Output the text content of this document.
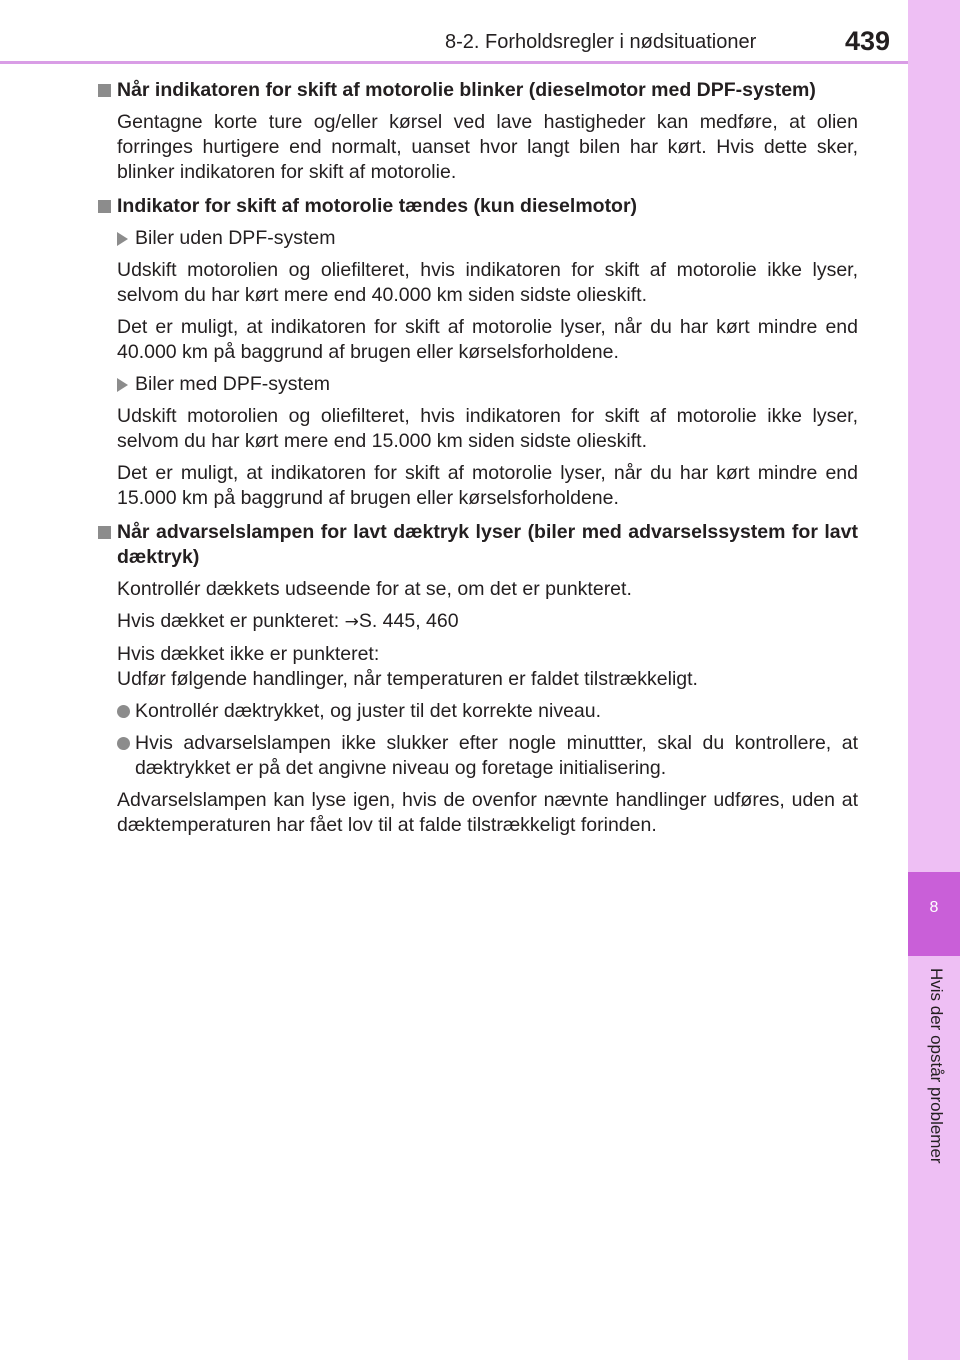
8-2. Forholdsregler i nødsituationer	439
8
Hvis der opstår problemer
Når indikatoren for skift af motorolie blinker (dieselmotor med DPF-system)
Gentagne korte ture og/eller kørsel ved lave hastigheder kan medføre, at olien forringes hurtigere end normalt, uanset hvor langt bilen har kørt. Hvis dette sker, blinker indikatoren for skift af motorolie.
Indikator for skift af motorolie tændes (kun dieselmotor)
Biler uden DPF-system
Udskift motorolien og oliefilteret, hvis indikatoren for skift af motorolie ikke lyser, selvom du har kørt mere end 40.000 km siden sidste olieskift.
Det er muligt, at indikatoren for skift af motorolie lyser, når du har kørt mindre end 40.000 km på baggrund af brugen eller kørselsforholdene.
Biler med DPF-system
Udskift motorolien og oliefilteret, hvis indikatoren for skift af motorolie ikke lyser, selvom du har kørt mere end 15.000 km siden sidste olieskift.
Det er muligt, at indikatoren for skift af motorolie lyser, når du har kørt mindre end 15.000 km på baggrund af brugen eller kørselsforholdene.
Når advarselslampen for lavt dæktryk lyser (biler med advarselssystem for lavt dæktryk)
Kontrollér dækkets udseende for at se, om det er punkteret.
Hvis dækket er punkteret: →S. 445, 460
Hvis dækket ikke er punkteret:
Udfør følgende handlinger, når temperaturen er faldet tilstrækkeligt.
Kontrollér dæktrykket, og juster til det korrekte niveau.
Hvis advarselslampen ikke slukker efter nogle minuttter, skal du kontrollere, at dæktrykket er på det angivne niveau og foretage initialisering.
Advarselslampen kan lyse igen, hvis de ovenfor nævnte handlinger udføres, uden at dæktemperaturen har fået lov til at falde tilstrækkeligt forinden.
